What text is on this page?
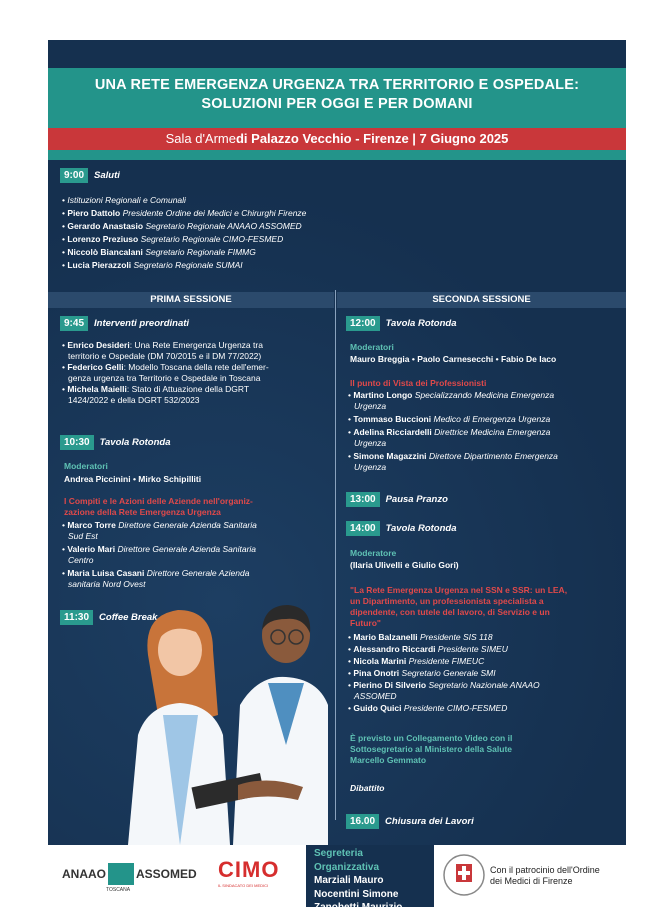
UNA RETE EMERGENZA URGENZA TRA TERRITORIO E OSPEDALE:
SOLUZIONI PER OGGI E PER DOMANI
Sala d'Armedi Palazzo Vecchio - Firenze | 7 Giugno 2025
9:00	Saluti
• Istituzioni Regionali e Comunali
• Piero Dattolo Presidente Ordine dei Medici e Chirurghi Firenze
• Gerardo Anastasio Segretario Regionale ANAAO ASSOMED
• Lorenzo Preziuso Segretario Regionale CIMO-FESMED
• Niccolò Biancalani Segretario Regionale FIMMG
• Lucia Pierazzoli Segretario Regionale SUMAI
PRIMA SESSIONE	SECONDA SESSIONE
9:45	Interventi preordinati
• Enrico Desideri: Una Rete Emergenza Urgenza tra
territorio e Ospedale (DM 70/2015 e il DM 77/2022)
• Federico Gelli: Modello Toscana della rete dell'emer-
genza urgenza tra Territorio e Ospedale in Toscana
• Michela Maielli: Stato di Attuazione della DGRT
1424/2022 e della DGRT 532/2023
10:30	Tavola Rotonda
Moderatori
Andrea Piccinini • Mirko Schipilliti
I Compiti e le Azioni delle Aziende nell'organiz-
zazione della Rete Emergenza Urgenza
• Marco Torre Direttore Generale Azienda Sanitaria
Sud Est
• Valerio Mari Direttore Generale Azienda Sanitaria
Centro
• Maria Luisa Casani Direttore Generale Azienda
sanitaria Nord Ovest
11:30	Coffee Break
12:00	Tavola Rotonda
Moderatori
Mauro Breggia • Paolo Carnesecchi • Fabio De Iaco
Il punto di Vista dei Professionisti
• Martino Longo Specializzando Medicina Emergenza
Urgenza
• Tommaso Buccioni Medico di Emergenza Urgenza
• Adelina Ricciardelli Direttrice Medicina Emergenza
Urgenza
• Simone Magazzini Direttore Dipartimento Emergenza
Urgenza
13:00	Pausa Pranzo
14:00	Tavola Rotonda
Moderatore
(Ilaria Ulivelli e Giulio Gori)
"La Rete Emergenza Urgenza nel SSN e SSR: un LEA,
un Dipartimento, un professionista specialista a
dipendente, con tutele del lavoro, di Servizio e un
Futuro"
• Mario Balzanelli Presidente SIS 118
• Alessandro Riccardi Presidente SIMEU
• Nicola Marini Presidente FIMEUC
• Pina Onotri Segretario Generale SMI
• Pierino Di Silverio Segretario Nazionale ANAAO
ASSOMED
• Guido Quici Presidente CIMO-FESMED
È previsto un Collegamento Video con il
Sottosegretario al Ministero della Salute
Marcello Gemmato
Dibattito
16.00	Chiusura dei Lavori
ANAAO
TOSCANA
ASSOMED CIMO
IL SINDACATO DEI MEDICI
Segreteria Organizzativa
Marziali Mauro
Nocentini Simone
Zanobetti Maurizio
Con il patrocinio dell'Ordine
dei Medici di Firenze
